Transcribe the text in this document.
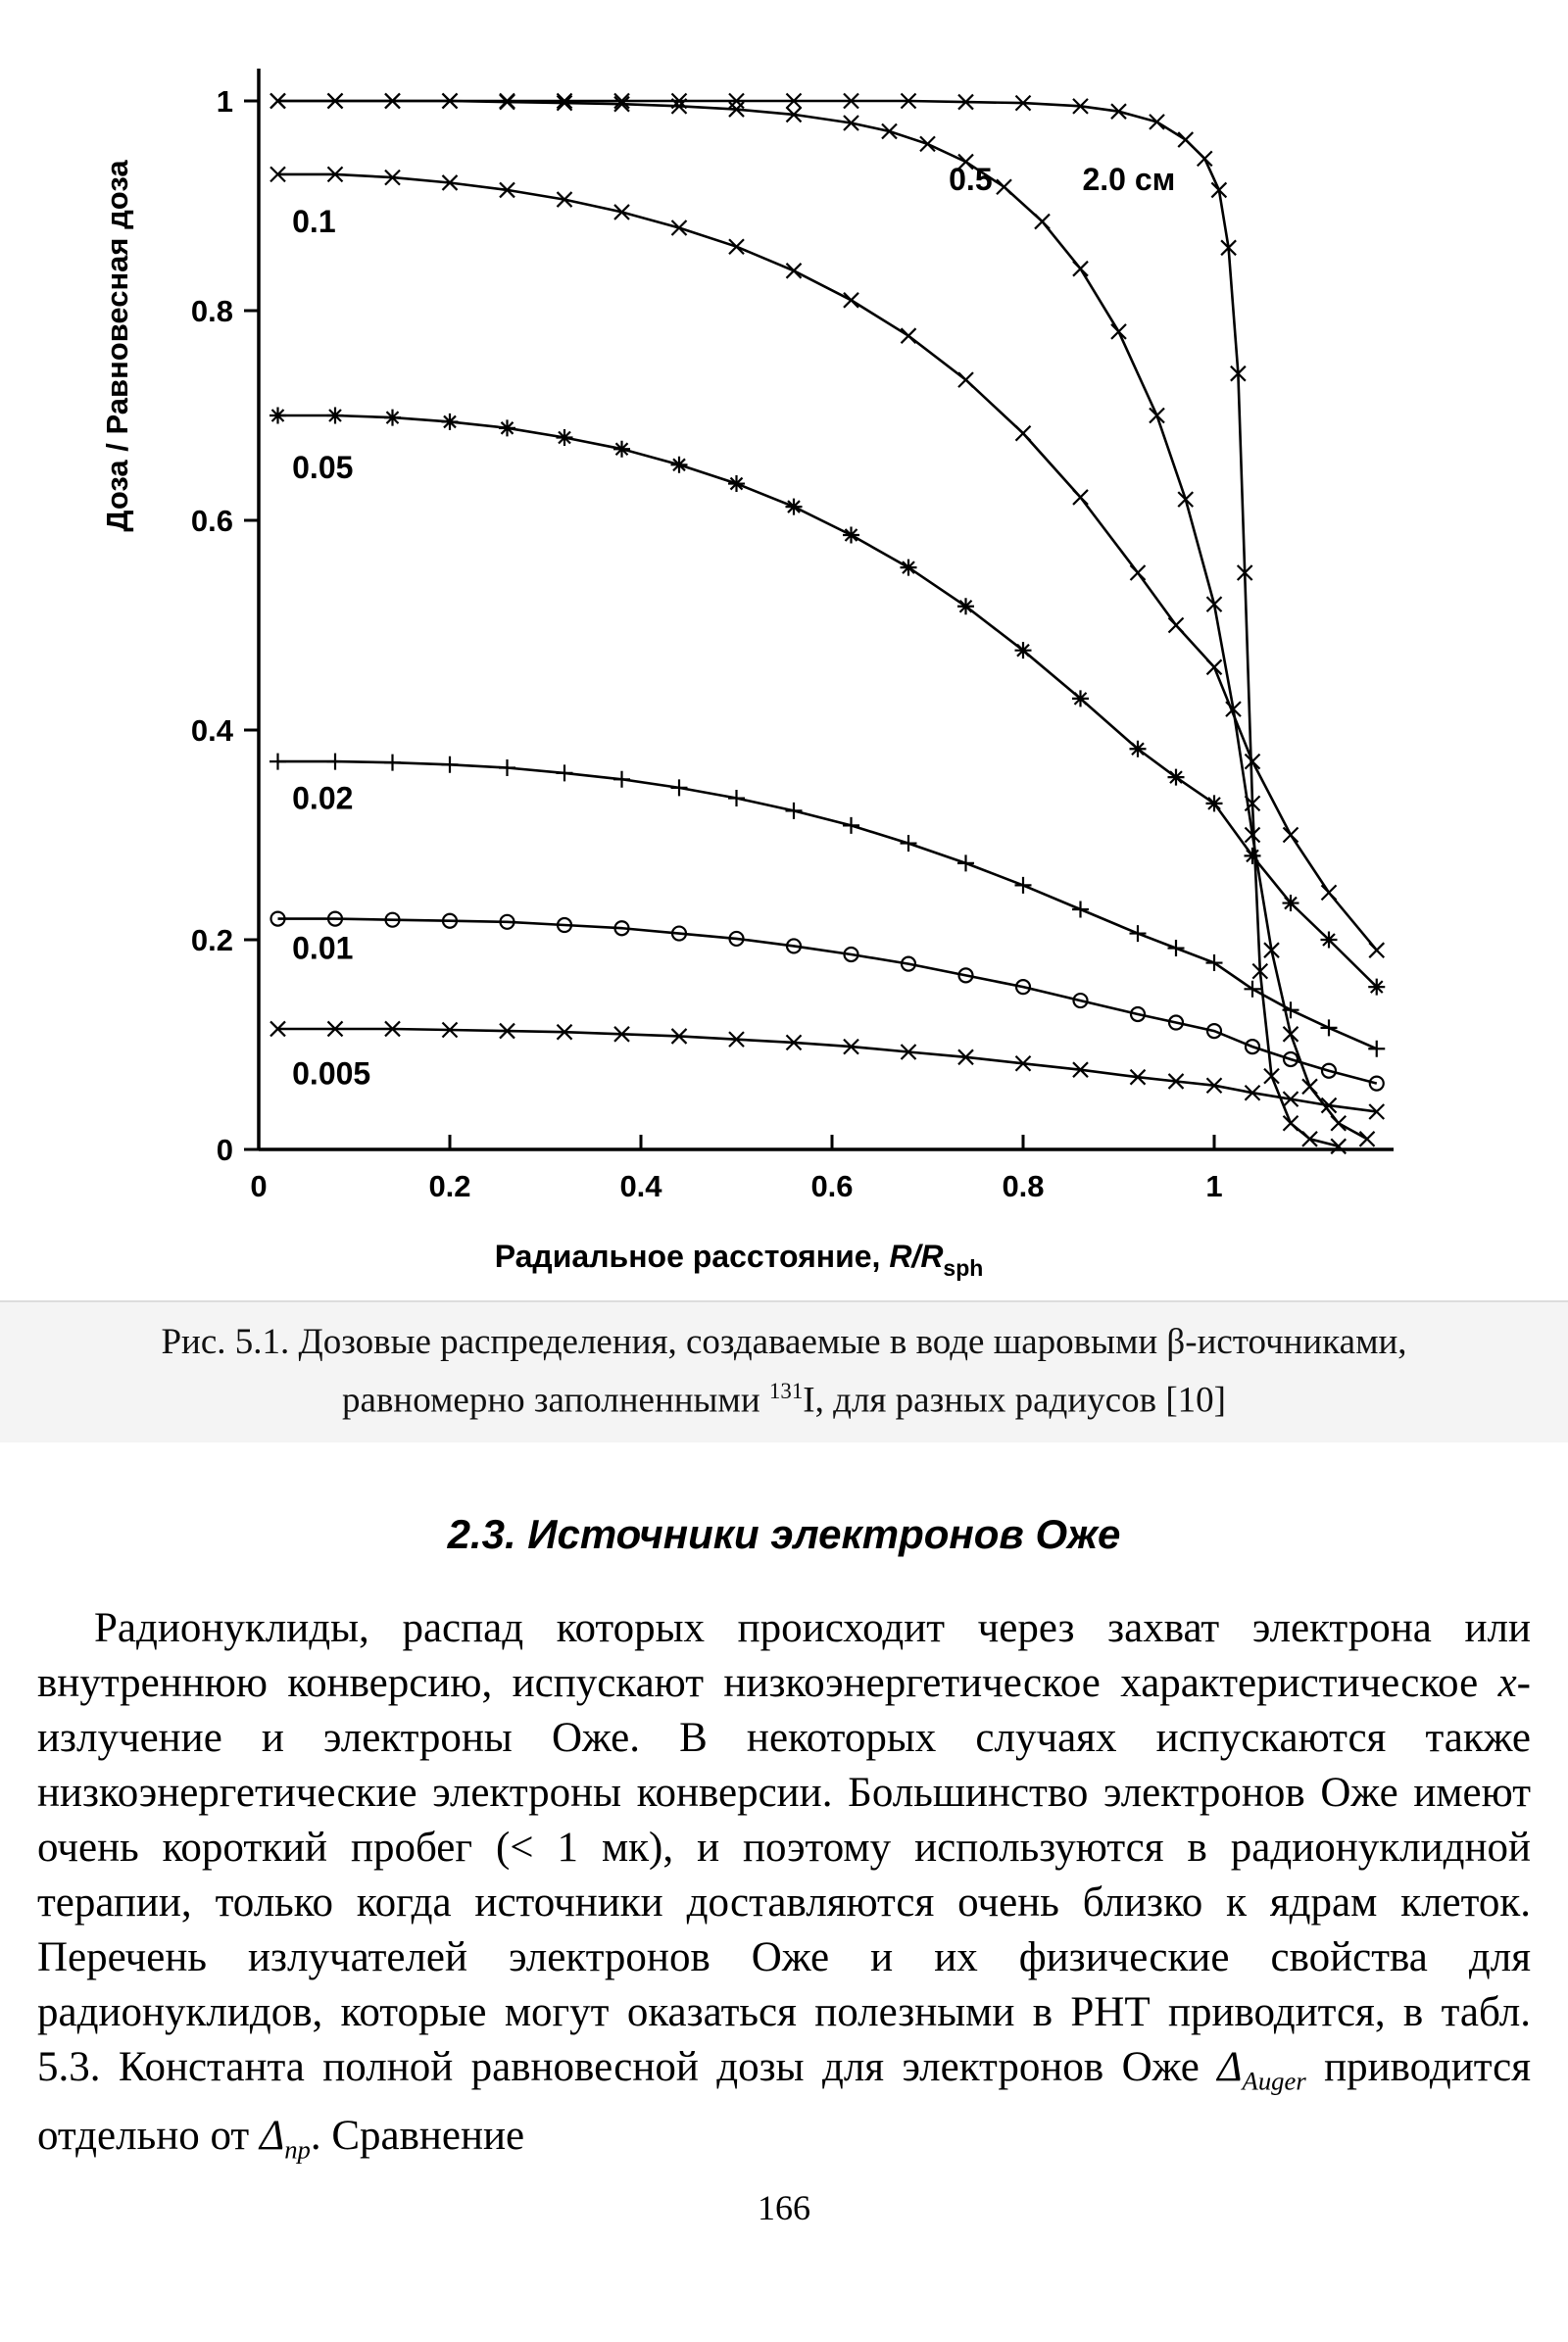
0
0.2
0.4
0.6
0.8
1
0	0.2	0.4	0.6	0.8	1
Доза / Равновесная доза
Радиальное расстояние, $R/R_{sph}$
0.1
0.05
0.02
0.01
0.005
0.5	2.0 см
Рис. 5.1. Дозовые распределения, создаваемые в воде шаровыми β-источниками,
равномерно заполненными $^{131}$I, для разных радиусов [10]
2.3. Источники электронов Оже

Радионуклиды, распад которых происходит через захват электрона или внутреннюю конверсию, испускают низкоэнергетическое характеристическое х-излучение и электроны Оже. В некоторых случаях испускаются также низкоэнергетические электроны конверсии. Большинство электронов Оже имеют очень короткий пробег (< 1 мк), и поэтому используются в радионуклидной терапии, только когда источники доставляются очень близко к ядрам клеток. Перечень излучателей электронов Оже и их физические свойства для радионуклидов, которые могут оказаться полезными в РНТ приводится, в табл. 5.3. Константа полной равновесной дозы для электронов Оже $\Delta_{Auger}$ приводится отдельно от $\Delta_{np}$. Сравнение

166
